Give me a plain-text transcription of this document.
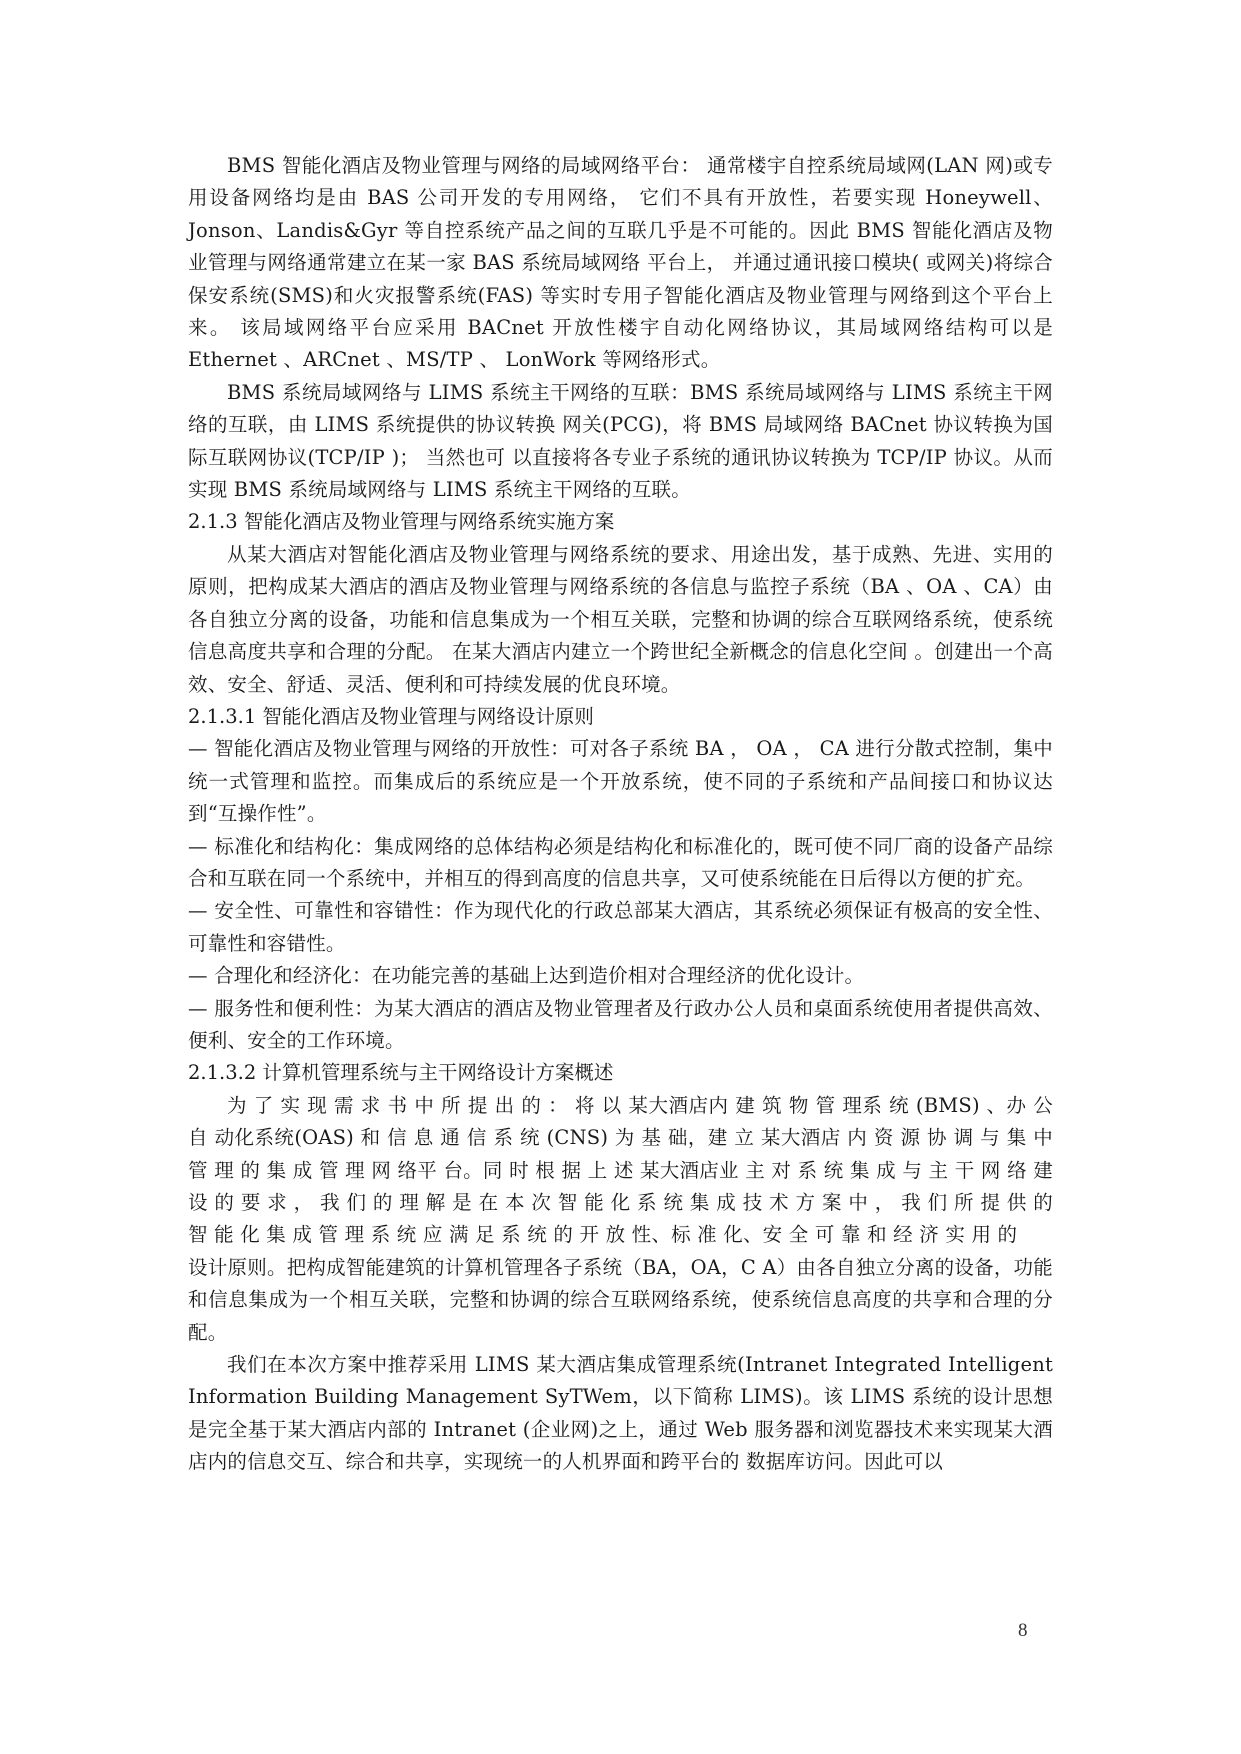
BMS 智能化酒店及物业管理与网络的局域网络平台： 通常楼宇自控系统局域网(LAN 网)或专用设备网络均是由 BAS 公司开发的专用网络， 它们不具有开放性，若要实现 Honeywell、Jonson、Landis&Gyr 等自控系统产品之间的互联几乎是不可能的。因此 BMS 智能化酒店及物业管理与网络通常建立在某一家 BAS 系统局域网络 平台上， 并通过通讯接口模块( 或网关)将综合保安系统(SMS)和火灾报警系统(FAS) 等实时专用子智能化酒店及物业管理与网络到这个平台上来。 该局域网络平台应采用 BACnet 开放性楼宇自动化网络协议，其局域网络结构可以是 Ethernet 、ARCnet 、MS/TP 、 LonWork 等网络形式。

BMS 系统局域网络与 LIMS 系统主干网络的互联：BMS 系统局域网络与 LIMS 系统主干网络的互联，由 LIMS 系统提供的协议转换 网关(PCG)，将 BMS 局域网络 BACnet 协议转换为国际互联网协议(TCP/IP )； 当然也可 以直接将各专业子系统的通讯协议转换为 TCP/IP 协议。从而实现 BMS 系统局域网络与 LIMS 系统主干网络的互联。

2.1.3 智能化酒店及物业管理与网络系统实施方案

从某大酒店对智能化酒店及物业管理与网络系统的要求、用途出发，基于成熟、先进、实用的原则，把构成某大酒店的酒店及物业管理与网络系统的各信息与监控子系统（BA 、OA 、CA）由各自独立分离的设备，功能和信息集成为一个相互关联，完整和协调的综合互联网络系统，使系统信息高度共享和合理的分配。 在某大酒店内建立一个跨世纪全新概念的信息化空间 。创建出一个高效、安全、舒适、灵活、便利和可持续发展的优良环境。

2.1.3.1 智能化酒店及物业管理与网络设计原则

— 智能化酒店及物业管理与网络的开放性：可对各子系统 BA ， OA ， CA 进行分散式控制，集中统一式管理和监控。而集成后的系统应是一个开放系统，使不同的子系统和产品间接口和协议达到“互操作性”。

— 标准化和结构化：集成网络的总体结构必须是结构化和标准化的，既可使不同厂商的设备产品综合和互联在同一个系统中，并相互的得到高度的信息共享，又可使系统能在日后得以方便的扩充。

— 安全性、可靠性和容错性：作为现代化的行政总部某大酒店，其系统必须保证有极高的安全性、可靠性和容错性。

— 合理化和经济化：在功能完善的基础上达到造价相对合理经济的优化设计。

— 服务性和便利性：为某大酒店的酒店及物业管理者及行政办公人员和桌面系统使用者提供高效、便利、安全的工作环境。

2.1.3.2 计算机管理系统与主干网络设计方案概述

为 了 实 现 需 求 书 中 所 提 出 的 ： 将 以 某大酒店内 建 筑 物 管 理系 统 (BMS) 、办 公自 动化系统(OAS) 和 信 息 通 信 系 统 (CNS) 为 基 础，建 立 某大酒店 内 资 源 协 调 与 集 中 管 理 的 集 成 管 理 网 络平 台。同 时 根 据 上 述 某大酒店业 主 对 系 统 集 成 与 主 干 网 络 建 设 的 要 求 ， 我 们 的 理 解 是 在 本 次 智 能 化 系 统 集 成 技 术 方 案 中 ， 我 们 所 提 供 的 智 能 化 集 成 管 理 系 统 应 满 足 系 统 的 开 放 性、标 准 化、安 全 可 靠 和 经 济 实 用 的

设计原则。把构成智能建筑的计算机管理各子系统（BA，OA，C A）由各自独立分离的设备，功能和信息集成为一个相互关联，完整和协调的综合互联网络系统，使系统信息高度的共享和合理的分配。

我们在本次方案中推荐采用 LIMS 某大酒店集成管理系统(Intranet Integrated Intelligent Information Building Management SyTWem，以下简称 LIMS)。该 LIMS 系统的设计思想是完全基于某大酒店内部的 Intranet (企业网)之上，通过 Web 服务器和浏览器技术来实现某大酒店内的信息交互、综合和共享，实现统一的人机界面和跨平台的 数据库访问。因此可以

8
